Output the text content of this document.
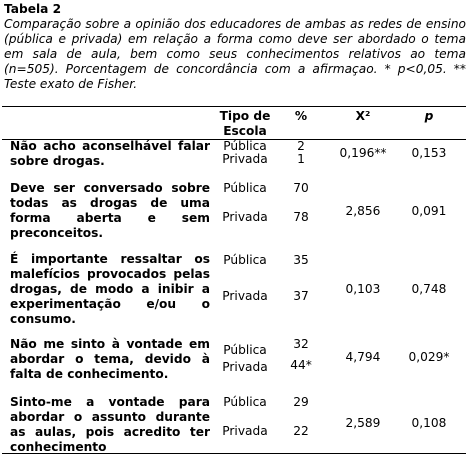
Tabela 2
Comparação sobre a opinião dos educadores de ambas as redes de ensino (pública e privada) em relação a forma como deve ser abordado o tema em sala de aula, bem como seus conhecimentos relativos ao tema (n=505). Porcentagem de concordância com a afirmaçao. * p<0,05. ** Teste exato de Fisher.
Tipo de
Escola
%	X²	p
Não acho aconselhável falar sobre drogas.
Pública	2
Privada	1	0,196**	0,153
Deve ser conversado sobre todas as drogas de uma forma aberta e sem preconceitos.
Pública	70
Privada	78	2,856	0,091
É importante ressaltar os malefícios provocados pelas drogas, de modo a inibir a experimentação e/ou o consumo.
Pública	35
Privada	37	0,103	0,748
Não me sinto à vontade em abordar o tema, devido à falta de conhecimento.
Pública	32
Privada	44*
4,794	0,029*
Sinto-me a vontade para abordar o assunto durante as aulas, pois acredito ter conhecimento
Pública	29
Privada	22
2,589	0,108
